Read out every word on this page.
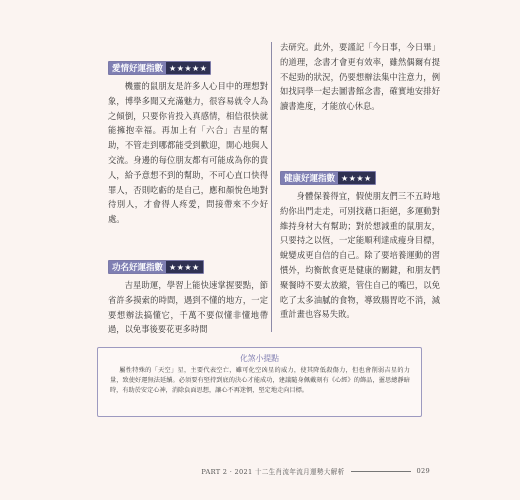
愛情好運指數 ★★★★★

機靈的鼠朋友是許多人心目中的理想對象，博學多聞又充滿魅力，很容易就令人為之傾倒，只要你肯投入真感情，相信很快就能擁抱幸福。再加上有「六合」吉星的幫助，不管走到哪都能受到歡迎，開心地與人交流。身邊的每位朋友都有可能成為你的貴人，給予意想不到的幫助，不可心直口快得罪人，否則吃虧的是自己，應和顏悅色地對待別人，才會得人疼愛，問接帶來不少好處。

功名好運指數 ★★★★

吉星助運，學習上能快速掌握要點，節省許多摸索的時間，遇到不懂的地方，一定要想辦法搞懂它，千萬不要似懂非懂地帶過，以免事後要花更多時間

去研究。此外，要謹記「今日事，今日畢」的道理，念書才會更有效率，雖然偶爾有提不起勁的狀況，仍要想辦法集中注意力，例如找同學一起去圖書館念書，確實地安排好讀書進度，才能放心休息。

健康好運指數 ★★★★

身體保養得宜，假使朋友們三不五時地約你出門走走，可別找藉口拒絕，多運動對維持身材大有幫助；對於想減重的鼠朋友，只要持之以恆，一定能順利達成瘦身目標，蛻變成更自信的自己。除了要培養運動的習慣外，均衡飲食更是健康的關鍵，和朋友們聚餐時不要太放縱，管住自己的嘴巴，以免吃了太多油膩的食物，導致腸胃吃不消，減重計畫也容易失敗。

化煞小提點
屬性特殊的「天空」星，主要代表空亡，雖可化空凶星的威力，使其降低殺傷力，但也會削弱吉星的力量，致使好運無法延續。必須要有堅持到底的決心才能成功，建議隨身佩戴刻有《心經》的飾品，靈思總靜暗時，有助於安定心神，消除負面思想，讓心不再迷惘，堅定地走向目標。
PART 2 · 2021 十二生肖流年流月運勢大解析	029
